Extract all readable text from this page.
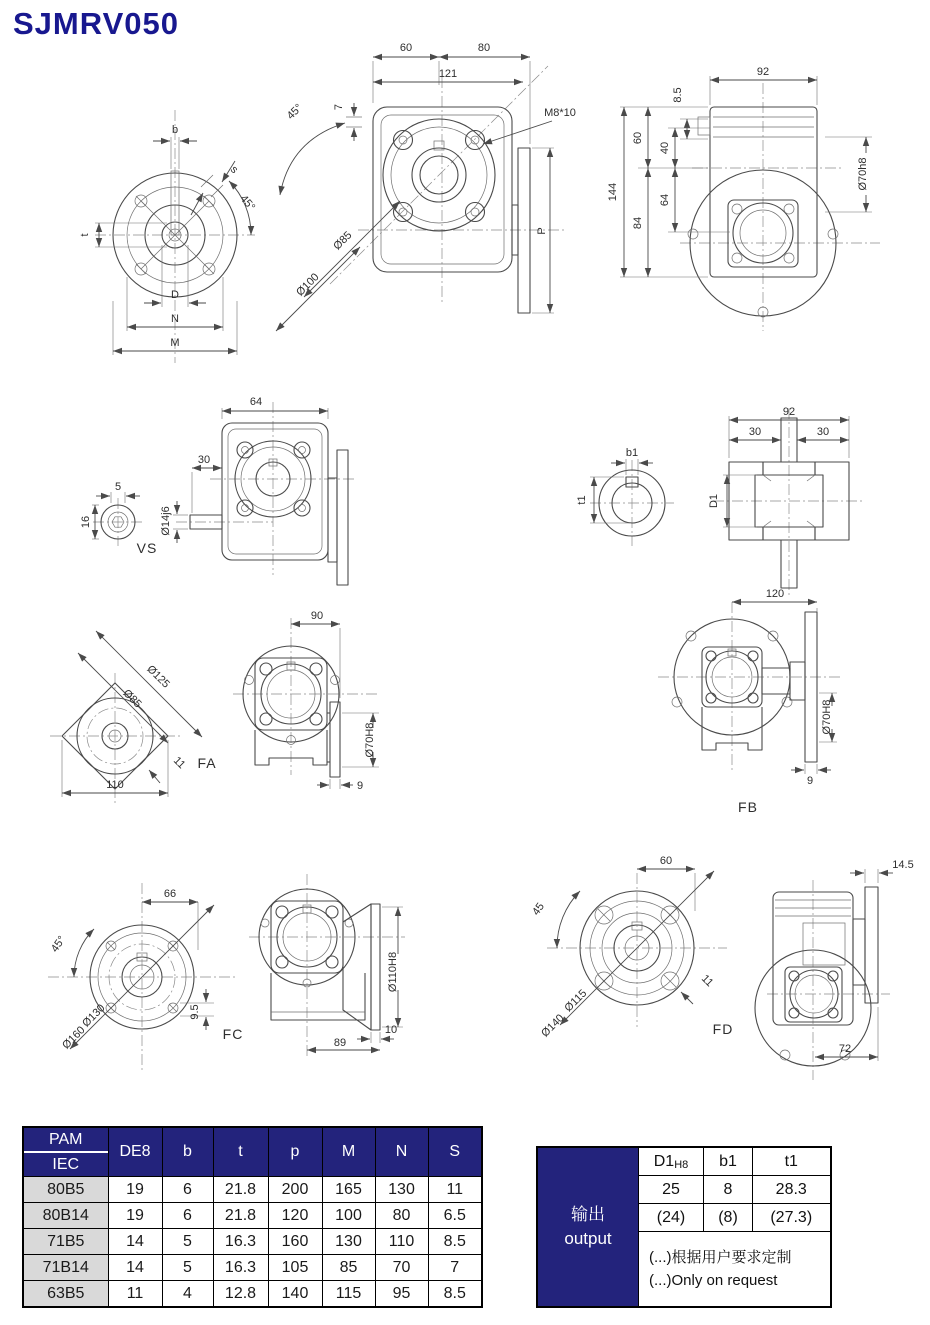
SJMRV050
b
s
45°
t
D
N
M
60	80
121
M8*10
45°	7
Ø85
Ø100
P
92
8.5
144
60
84
40
64
Ø70h8
5
16
VS
64
30
Ø14j6
b1
t1
92
30	30
D1
Ø125
Ø85
110
11 FA
90
Ø70H8
9
120
Ø70H8
9
FB
66
45°
Ø130
Ø160
9.5
FC
Ø110H8
10
89
60
45
Ø115
Ø140
11
FD
14.5
72
PAM
IEC	DE8	b	t	p	M	N	S
80B5	19	6	21.8	200	165	130	11
80B14	19	6	21.8	120	100	80	6.5
71B5	14	5	16.3	160	130	110	8.5
71B14	14	5	16.3	105	85	70	7
63B5	11	4	12.8	140	115	95	8.5
输出
output	D1H8	b1	t1
	25	8	28.3
	(24)	(8)	(27.3)

	(...)根据用户要求定制
(...)Only on request		
